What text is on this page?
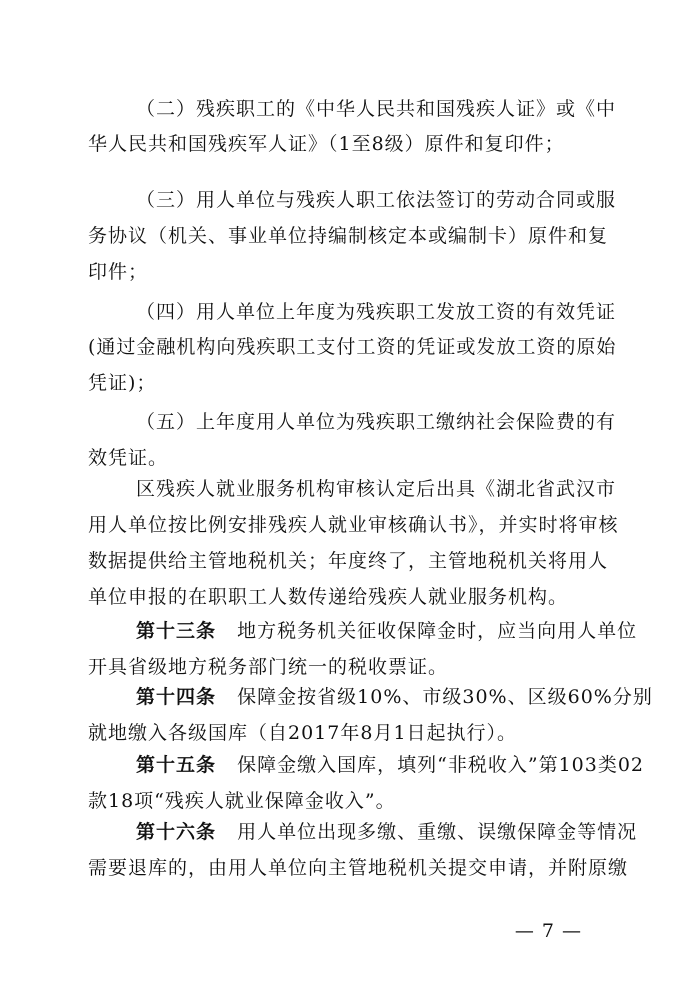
（二）残疾职工的《中华人民共和国残疾人证》或《中
华人民共和国残疾军人证》（1至8级）原件和复印件；
（三）用人单位与残疾人职工依法签订的劳动合同或服
务协议（机关、事业单位持编制核定本或编制卡）原件和复
印件；
（四）用人单位上年度为残疾职工发放工资的有效凭证
(通过金融机构向残疾职工支付工资的凭证或发放工资的原始
凭证)；
（五）上年度用人单位为残疾职工缴纳社会保险费的有
效凭证。
区残疾人就业服务机构审核认定后出具《湖北省武汉市
用人单位按比例安排残疾人就业审核确认书》，并实时将审核
数据提供给主管地税机关；年度终了，主管地税机关将用人
单位申报的在职职工人数传递给残疾人就业服务机构。
第十三条 地方税务机关征收保障金时，应当向用人单位
开具省级地方税务部门统一的税收票证。
第十四条 保障金按省级10%、市级30%、区级60%分别
就地缴入各级国库（自2017年8月1日起执行）。
第十五条 保障金缴入国库，填列“非税收入”第103类02
款18项“残疾人就业保障金收入”。
第十六条 用人单位出现多缴、重缴、误缴保障金等情况
需要退库的，由用人单位向主管地税机关提交申请，并附原缴
— 7 —
